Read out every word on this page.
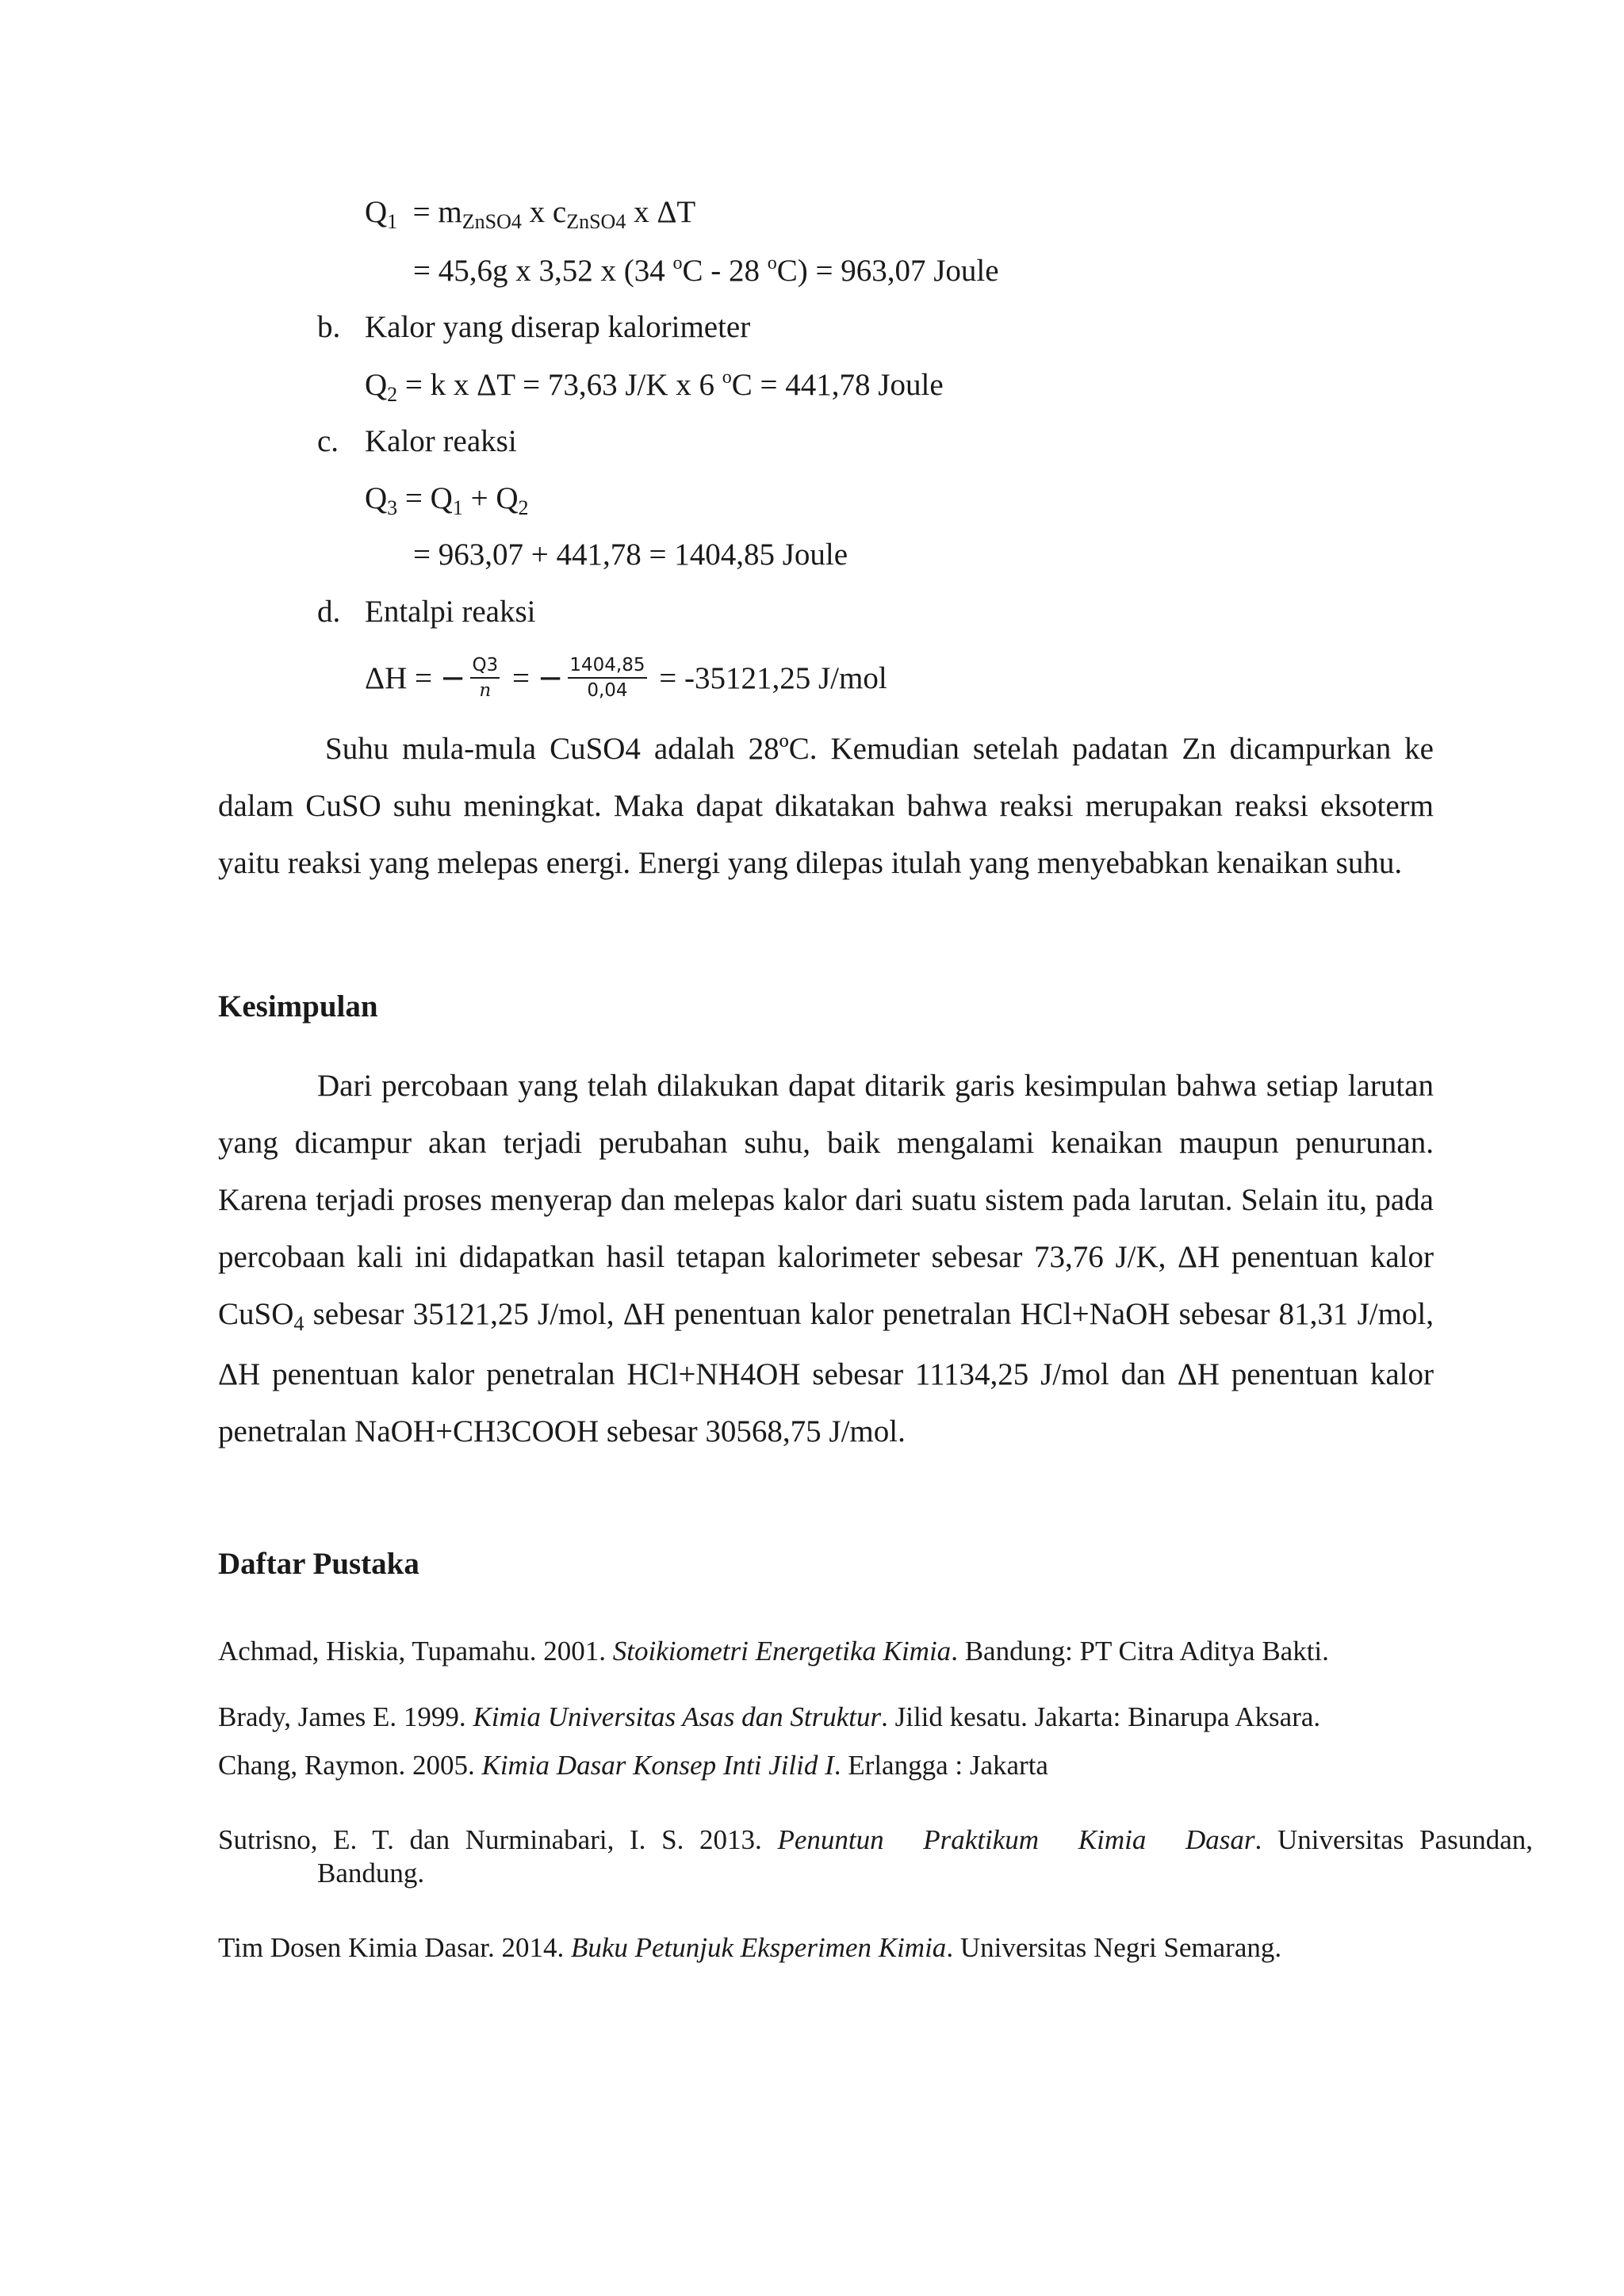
$Q_1 = m_{ZnSO4}$ x $c_{ZnSO4}$ x ΔT
= 45,6g x 3,52 x (34 $^o$C - 28 $^o$C) = 963,07 Joule
b. Kalor yang diserap kalorimeter
$Q_2 = k$ x ΔT = 73,63 J/K x 6 $^o$C = 441,78 Joule
c. Kalor reaksi
$Q_3 = Q_1 + Q_2$
= 963,07 + 441,78 = 1404,85 Joule
d. Entalpi reaksi
ΔH = − $\frac{Q3}{n}$ = − $\frac{1404,85}{0,04} = -35121,25$ J/mol

Suhu mula-mula CuSO4 adalah 28ºC. Kemudian setelah padatan Zn dicampurkan ke dalam CuSO suhu meningkat. Maka dapat dikatakan bahwa reaksi merupakan reaksi eksoterm yaitu reaksi yang melepas energi. Energi yang dilepas itulah yang menyebabkan kenaikan suhu.

Kesimpulan

Dari percobaan yang telah dilakukan dapat ditarik garis kesimpulan bahwa setiap larutan yang dicampur akan terjadi perubahan suhu, baik mengalami kenaikan maupun penurunan. Karena terjadi proses menyerap dan melepas kalor dari suatu sistem pada larutan. Selain itu, pada percobaan kali ini didapatkan hasil tetapan kalorimeter sebesar 73,76 J/K, ΔH penentuan kalor CuSO$_4$ sebesar 35121,25 J/mol, ΔH penentuan kalor penetralan HCl+NaOH sebesar 81,31 J/mol, ΔH penentuan kalor penetralan HCl+NH4OH sebesar 11134,25 J/mol dan ΔH penentuan kalor penetralan NaOH+CH3COOH sebesar 30568,75 J/mol.

Daftar Pustaka

Achmad, Hiskia, Tupamahu. 2001. Stoikiometri Energetika Kimia. Bandung: PT Citra Aditya Bakti.

Brady, James E. 1999. Kimia Universitas Asas dan Struktur. Jilid kesatu. Jakarta: Binarupa Aksara.

Chang, Raymon. 2005. Kimia Dasar Konsep Inti Jilid I. Erlangga : Jakarta

Sutrisno, E. T. dan Nurminabari, I. S. 2013. Penuntun Praktikum Kimia Dasar. Universitas Pasundan, Bandung.

Tim Dosen Kimia Dasar. 2014. Buku Petunjuk Eksperimen Kimia. Universitas Negri Semarang.
